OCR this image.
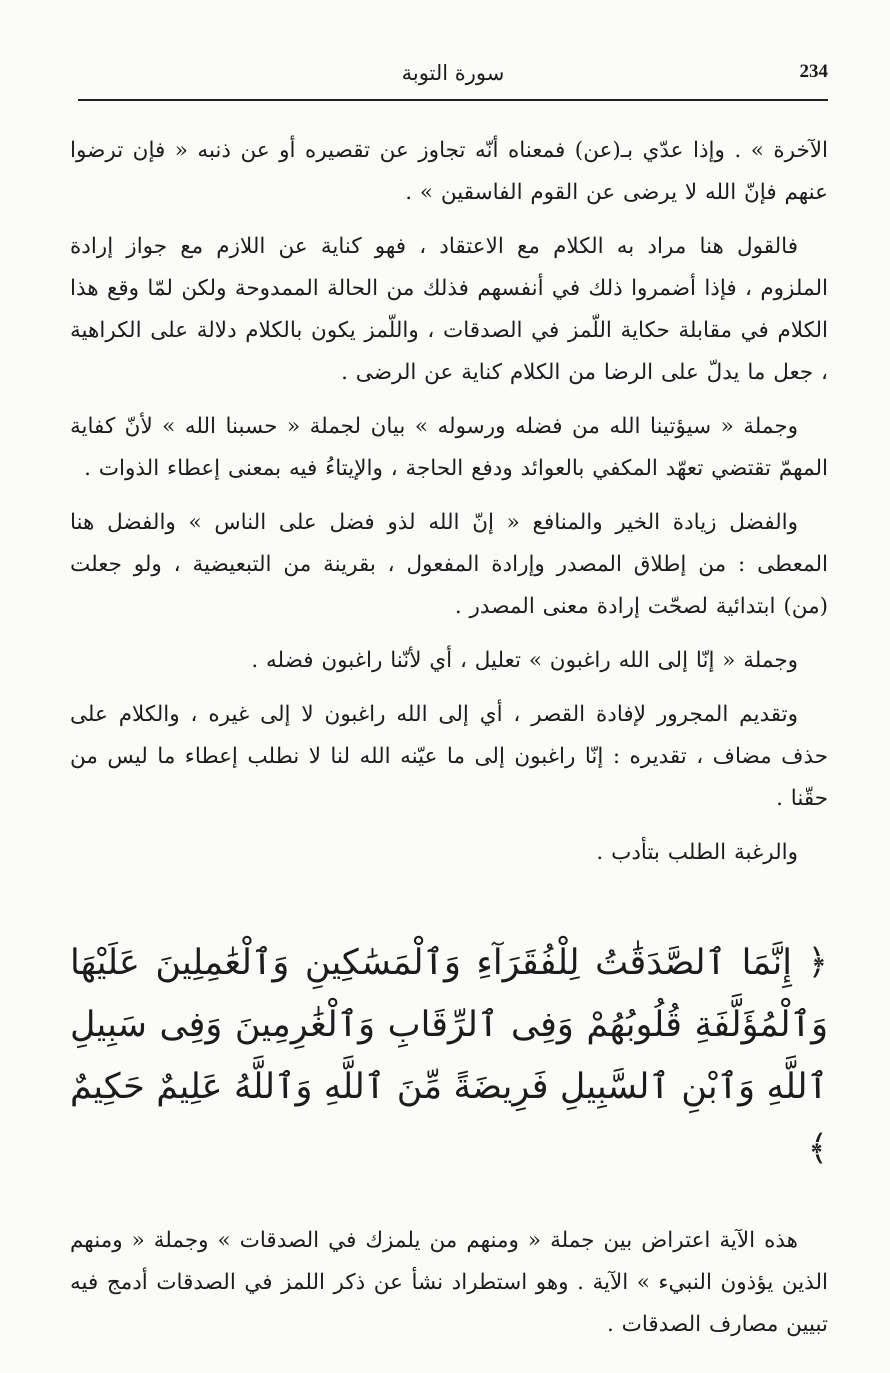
234
سورة التوبة

الآخرة » . وإذا عدّي بـ(عن) فمعناه أنّه تجاوز عن تقصيره أو عن ذنبه « فإن ترضوا عنهم فإنّ الله لا يرضى عن القوم الفاسقين » .

فالقول هنا مراد به الكلام مع الاعتقاد ، فهو كناية عن اللازم مع جواز إرادة الملزوم ، فإذا أضمروا ذلك في أنفسهم فذلك من الحالة الممدوحة ولكن لمّا وقع هذا الكلام في مقابلة حكاية اللّمز في الصدقات ، واللّمز يكون بالكلام دلالة على الكراهية ، جعل ما يدلّ على الرضا من الكلام كناية عن الرضى .

وجملة « سيؤتينا الله من فضله ورسوله » بيان لجملة « حسبنا الله » لأنّ كفاية المهمّ تقتضي تعهّد المكفي بالعوائد ودفع الحاجة ، والإيتاءُ فيه بمعنى إعطاء الذوات .

والفضل زيادة الخير والمنافع « إنّ الله لذو فضل على الناس » والفضل هنا المعطى : من إطلاق المصدر وإرادة المفعول ، بقرينة من التبعيضية ، ولو جعلت (من) ابتدائية لصحّت إرادة معنى المصدر .

وجملة « إنّا إلى الله راغبون » تعليل ، أي لأنّنا راغبون فضله .

وتقديم المجرور لإفادة القصر ، أي إلى الله راغبون لا إلى غيره ، والكلام على حذف مضاف ، تقديره : إنّا راغبون إلى ما عيّنه الله لنا لا نطلب إعطاء ما ليس من حقّنا .

والرغبة الطلب بتأدب .

﴿ إِنَّمَا ٱلصَّدَقَٰتُ لِلْفُقَرَآءِ وَٱلْمَسَٰكِينِ وَٱلْعَٰمِلِينَ عَلَيْهَا وَٱلْمُؤَلَّفَةِ قُلُوبُهُمْ وَفِى ٱلرِّقَابِ وَٱلْغَٰرِمِينَ وَفِى سَبِيلِ ٱللَّهِ وَٱبْنِ ٱلسَّبِيلِ فَرِيضَةً مِّنَ ٱللَّهِ وَٱللَّهُ عَلِيمٌ حَكِيمٌ ﴾

هذه الآية اعتراض بين جملة « ومنهم من يلمزك في الصدقات » وجملة « ومنهم الذين يؤذون النبيء » الآية . وهو استطراد نشأ عن ذكر اللمز في الصدقات أدمج فيه تبيين مصارف الصدقات .
